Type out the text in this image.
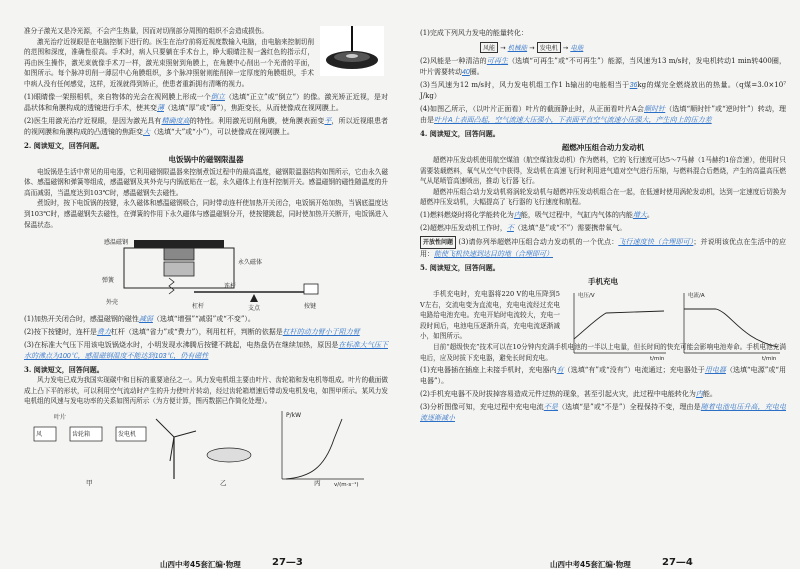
准分子激光又是冷光源，不会产生热量，因而对切削部分周围的组织不会造成损伤。

激光治疗近视眼是在电脑控制下进行的。医生在治疗前将近视度数输入电脑，由电脑来控制切削的范围和深度，准确性很高。手术时，病人只要躺在手术台上，睁大眼睛注视一盏红色的指示灯，再由医生操作，激光束就像手术刀一样，激光束照射到角膜上，在角膜中心削出一个光滑的平面，如图所示。每个脉冲切削一薄层中心角膜组织，多个脉冲照射则能削掉一定厚度的角膜组织，手术中病人没有任何感觉，这样，近视就得到矫正，使患者重新拥有清晰的视力。

(1)眼睛像一架照相机，来自物体的光会在视网膜上形成一个倒立（选填“正立”或“倒立”）的像。激光矫正近视，是对晶状体和角膜构成的透镜进行手术，使其变薄（选填“厚”或“薄”），焦距变长，从而使像成在视网膜上。

(2)医生用激光治疗近视眼，是因为激光具有精确度高的特性。利用激光切削角膜，使角膜表面变平，所以近视眼患者的视网膜和角膜构成的凸透镜的焦距变大（选填“大”或“小”），可以使像成在视网膜上。

2. 阅读短文，回答问题。

电饭锅中的磁钢限温器

电饭锅是生活中常见的用电器，它利用磁钢限温器来控制煮饭过程中的最高温度，磁钢限温器结构如图所示，它由永久磁体、感温磁钢和弹簧等组成，感温磁钢及其外壳与内锅底贴在一起，永久磁体上有连杆控制开关。感温磁钢的磁性随温度的升高而减弱，当温度达到103℃时，感温磁钢失去磁性。

煮饭时，按下电饭锅的按键，永久磁体和感温磁钢吸合，同时带动连杆使加热开关闭合，电饭锅开始加热，当锅底温度达到103℃时，感温磁钢失去磁性，在弹簧的作用下永久磁体与感温磁钢分开，使按键跳起，同时使加热开关断开，电饭锅进入保温状态。

感温磁钢
永久磁体
弹簧
连杆
外壳
按键
杠杆	支点

(1)加热开关闭合时，感温磁钢的磁性减弱（选填“增强”“减弱”或“不变”）。

(2)按下按键时，连杆是费力杠杆（选填“省力”或“费力”），利用杠杆，判断的依据是杠杆的动力臂小于阻力臂

(3)在标准大气压下用该电饭锅烧水时，小明发现水沸腾后按键不跳起，电热盘仍在继续加热，原因是在标准大气压下水的沸点为100℃，感温磁钢温度不能达到103℃，仍有磁性

3. 阅读短文，回答问题。

风力发电已成为我国实现碳中和目标的重要途径之一。风力发电机组主要由叶片、齿轮箱和发电机等组成。叶片的截面做成上凸下平的形状，可以利用空气流动时产生的升力使叶片转动，经过齿轮箱增速后带动发电机发电，如图甲所示。某风力发电机组的风速与发电功率的关系如图丙所示（为方便计算，图丙数据已作简化处理）。

风	齿轮箱	发电机
叶片	P/kW
v/(m·s⁻¹)
甲	乙	丙
山西中考45套汇编·物理	27—3

(1)完成下列风力发电的能量转化：

风能 → 机械能 → 发电机 → 电能

(2)风能是一种清洁的可再生（选填“可再生”或“不可再生”）能源，当风速为13 m/s时，发电机转动1 min转400圈，叶片需要转动40圈。

(3)当风速为12 m/s时，风力发电机组工作1 h输出的电能相当于36kg的煤完全燃烧放出的热量。（q煤=3.0×10⁷ J/kg）

(4)如图乙所示，（以叶片正面看）叶片的截面静止时，从正面看叶片A会顺时针（选填“顺时针”或“逆时针”）转动，理由是叶片A上表面凸起，空气流速大压强小，下表面平直空气流速小压强大，产生向上的压力差

4. 阅读短文，回答问题。

超燃冲压组合动力发动机

超燃冲压发动机使用航空煤油（航空煤油发动机）作为燃料，它的飞行速度可达5～7马赫（1马赫约1倍音速），使用时只需要装载燃料，氧气从空气中获得，发动机在高速飞行时利用进气道对空气进行压缩，与燃料混合后燃烧，产生的高温高压燃气从尾喷管高速喷出，推动飞行器飞行。

超燃冲压组合动力发动机将涡轮发动机与超燃冲压发动机组合在一起，在低速时使用涡轮发动机，达到一定速度后切换为超燃冲压发动机，大幅提高了飞行器的飞行速度和航程。

(1)燃料燃烧时将化学能转化为内能，吸气过程中，气缸内气体的内能增大。

(2)超燃冲压发动机工作时，不（选填“是”或“不”）需要携带氧气。

开放性问题 (3)请你列举超燃冲压组合动力发动机的一个优点：飞行速度快（合理即可）；并说明该优点在生活中的应用：能使飞机快速到达目的地（合理即可）

5. 阅读短文，回答问题。

手机充电

手机充电时，充电器将220 V的电压降到5 V左右，交流电变为直流电，充电电流经过充电电路给电池充电。充电开始时电流较大，充电一段时间后，电池电压逐渐升高，充电电流逐渐减小，如图所示。

电压/V
t/min
电流/A
t/min

目前“超级快充”技术可以在10分钟内充满手机电池的一半以上电量，但长时间的快充可能会影响电池寿命。手机电池充满电后，应及时拔下充电器，避免长时间充电。

(1)充电器插在插座上未接手机时，充电器内有（选填“有”或“没有”）电流通过；充电器处于用电器（选填“电源”或“用电器”）。

(2)手机充电器不及时拔掉容易造成元件过热的现象，甚至引起火灾，此过程中电能转化为内能。

(3)分析图像可知，充电过程中充电电流不是（选填“是”或“不是”）全程保持不变，理由是随着电池电压升高，充电电流逐渐减小

山西中考45套汇编·物理	27—4
